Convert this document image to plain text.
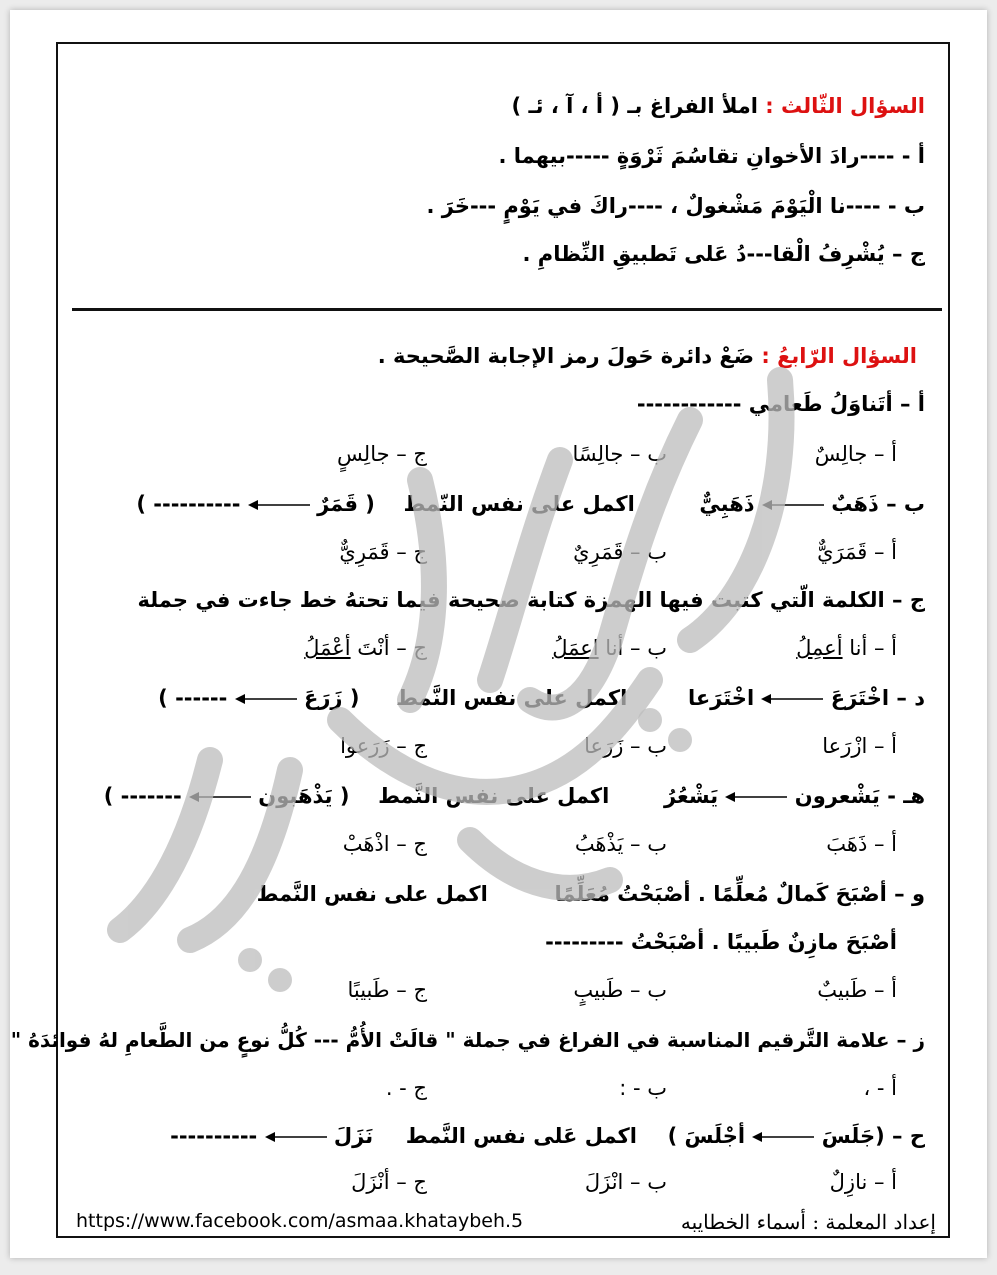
السؤال الثّالث : املأ الفراغ بـ ( أ ، آ ، ئـ )
أ - ----رادَ الأخوانِ تقاسُمَ ثَرْوَةٍ -----بيهما .
ب - ----نا الْيَوْمَ مَشْغولٌ ، ----راكَ في يَوْمٍ ---خَرَ .
ج – يُشْرِفُ الْقا---دُ عَلى تَطبيقِ النِّظامِ .
السؤال الرّابعُ : ضَعْ دائرة حَولَ رمز الإجابة الصَّحيحة .
أ – أتَناوَلُ طَعامي ------------
أ – جالِسٌ
ب – جالِسًا
ج – جالِسٍ
ب – ذَهَبٌ  ذَهَبِيٌّ  اكمل على نفس النّمط  ( قَمَرٌ  ---------- )
أ – قَمَرَيٌّ
ب – قَمَرِيٌ
ج – قَمَرِيٌّ
ج – الكلمة الّتي كتبت فيها الهمزة كتابة صحيحة فيما تحتهُ خط جاءت في جملة
أ – أنا أعمِلُ
ب – أنا اعمَلُ
ج – أنْتَ أعْمَلُ
د – اخْتَرَعَ  اخْتَرَعا  اكمل على نفس النَّمط  ( زَرَعَ  ------ )
أ – ازْرَعا
ب – زَرَعا
ج – زَرَعوا
هـ - يَشْعرون  يَشْعُرُ  اكمل على نفس النَّمط  ( يَذْهَبون  ------- )
أ – ذَهَبَ
ب – يَذْهَبُ
ج – اذْهَبْ
و – أصْبَحَ كَمالٌ مُعلِّمًا . أصْبَحْتُ مُعَلِّمًا  اكمل على نفس النَّمط
أصْبَحَ مازِنٌ طَبيبًا . أصْبَحْتُ ---------
أ – طَبيبٌ
ب – طَبيبٍ
ج – طَبيبًا
ز – علامة التَّرقيم المناسبة في الفراغ في جملة " قالَتْ الأُمُّ --- كُلُّ نوعٍ من الطَّعامِ لهُ فوائدَهُ "
أ - ،
ب - :
ج - .
ح – (جَلَسَ  أجْلَسَ )  اكمل عَلى نفس النَّمط  نَزَلَ  ----------
أ – نازِلٌ
ب – انْزَلَ
ج – أنْزَلَ
https://www.facebook.com/asmaa.khataybeh.5	إعداد المعلمة : أسماء الخطايبه
